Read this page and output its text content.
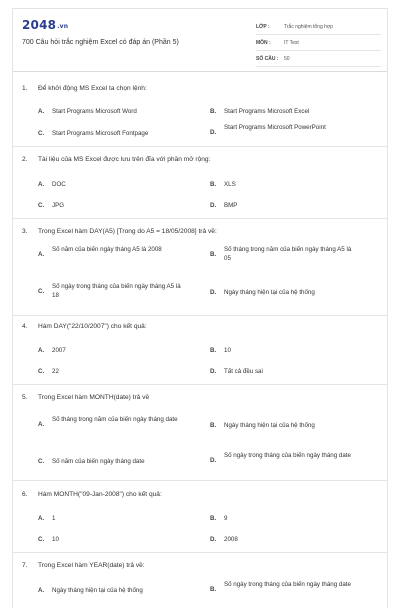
2048.vn
700 Câu hỏi trắc nghiệm Excel có đáp án (Phần 5)
LỚP :	Trắc nghiệm tổng hợp
MÔN :	IT Test
SỐ CÂU :	50
1. Để khởi động MS Excel ta chọn lệnh:
A. Start Programs Microsoft Word	B. Start Programs Microsoft Excel
C. Start Programs Microsoft Fontpage	D.
Start Programs Microsoft PowerPoint
2. Tài liệu của MS Excel được lưu trên đĩa với phần mở rộng:
A. DOC	B. XLS
C. JPG	D. BMP
3. Trong Excel hàm DAY(A5) [Trong do A5 = 18/05/2008] trả về:
A.
Số năm của biến ngày tháng A5 là 2008
B.
Số tháng trong năm của biến ngày tháng A5 là 05
C.
Số ngày trong tháng của biến ngày tháng A5 là 18	D. Ngày tháng hiện tại của hệ thống
4. Hàm DAY("22/10/2007") cho kết quả:
A. 2007	B. 10
C. 22	D. Tất cả đều sai
5. Trong Excel hàm MONTH(date) trả về
A.
Số tháng trong năm của biến ngày tháng date
B. Ngày tháng hiện tại của hệ thống
C. Số năm của biến ngày tháng date	D.
Số ngày trong tháng của biến ngày tháng date
6. Hàm MONTH("09-Jan-2008") cho kết quả:
A. 1	B. 9
C. 10	D. 2008
7. Trong Excel hàm YEAR(date) trả về:
A. Ngày tháng hiện tại của hệ thống	B.
Số ngày trong tháng của biến ngày tháng date
